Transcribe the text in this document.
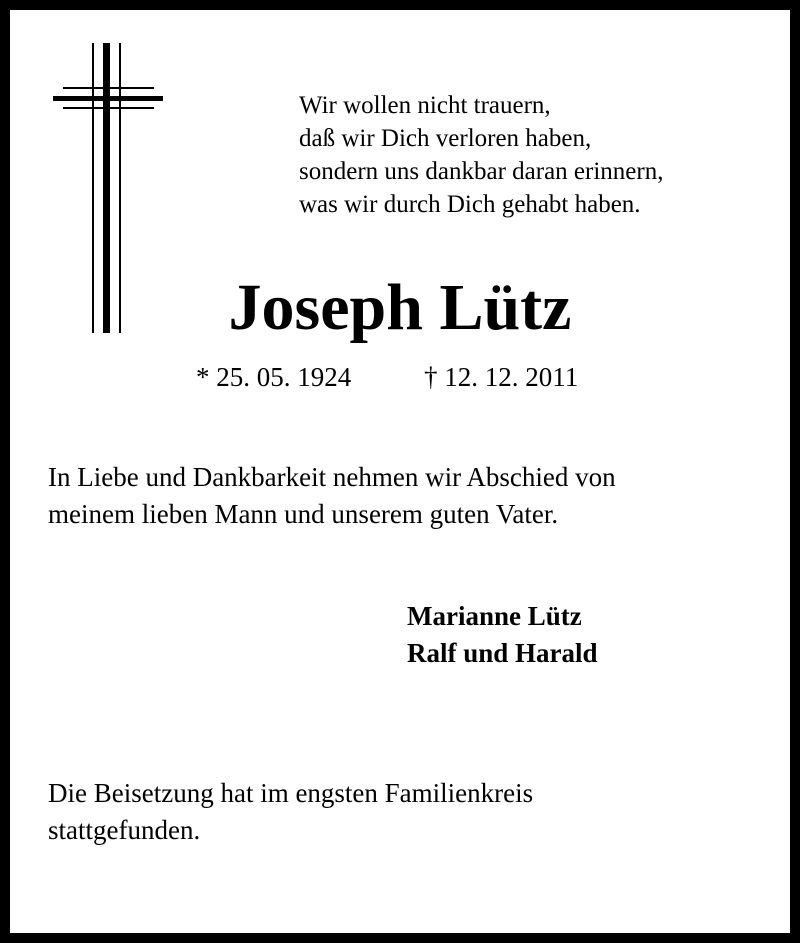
Wir wollen nicht trauern,
daß wir Dich verloren haben,
sondern uns dankbar daran erinnern,
was wir durch Dich gehabt haben.
Joseph Lütz
* 25. 05. 1924	† 12. 12. 2011
In Liebe und Dankbarkeit nehmen wir Abschied von
meinem lieben Mann und unserem guten Vater.
Marianne Lütz
Ralf und Harald
Die Beisetzung hat im engsten Familienkreis
stattgefunden.
